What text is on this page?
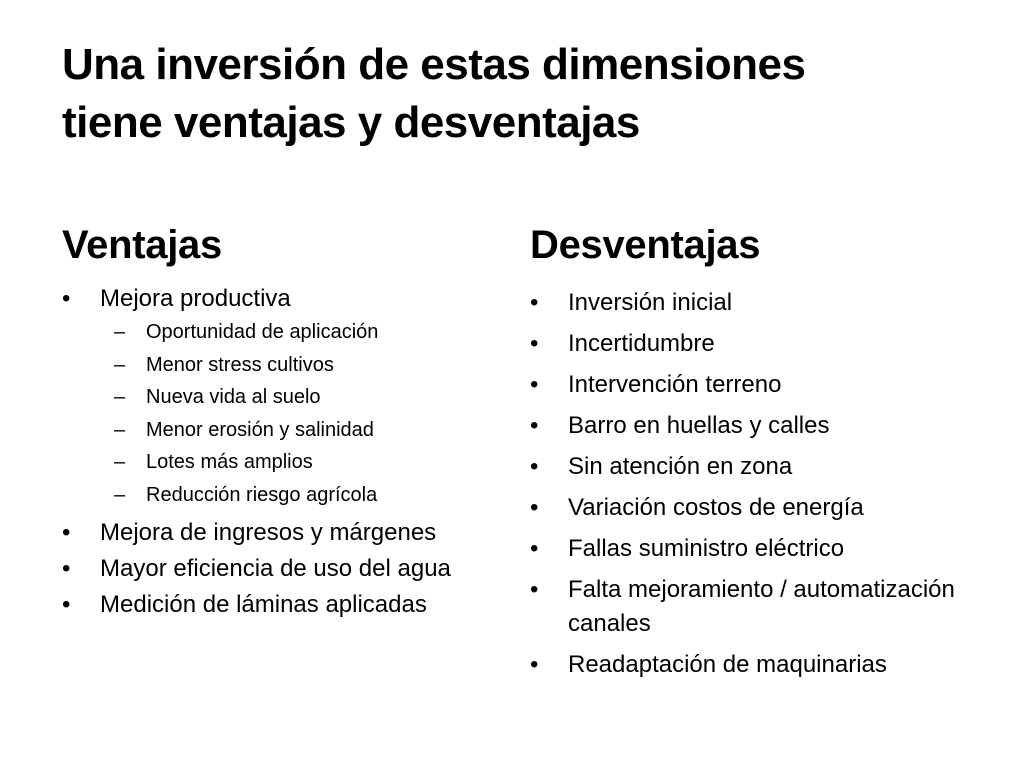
Una inversión de estas dimensiones
tiene ventajas y desventajas
Ventajas
•	Mejora productiva
– Oportunidad de aplicación
– Menor stress cultivos
– Nueva vida al suelo
– Menor erosión y salinidad
– Lotes más amplios
– Reducción riesgo agrícola
•	Mejora de ingresos y márgenes
•	Mayor eficiencia de uso del agua
•	Medición de láminas aplicadas
Desventajas
•	Inversión inicial
•	Incertidumbre
•	Intervención terreno
•	Barro en huellas y calles
•	Sin atención en zona
•	Variación costos de energía
•	Fallas suministro eléctrico
•	Falta mejoramiento / automatización canales
•	Readaptación de maquinarias
